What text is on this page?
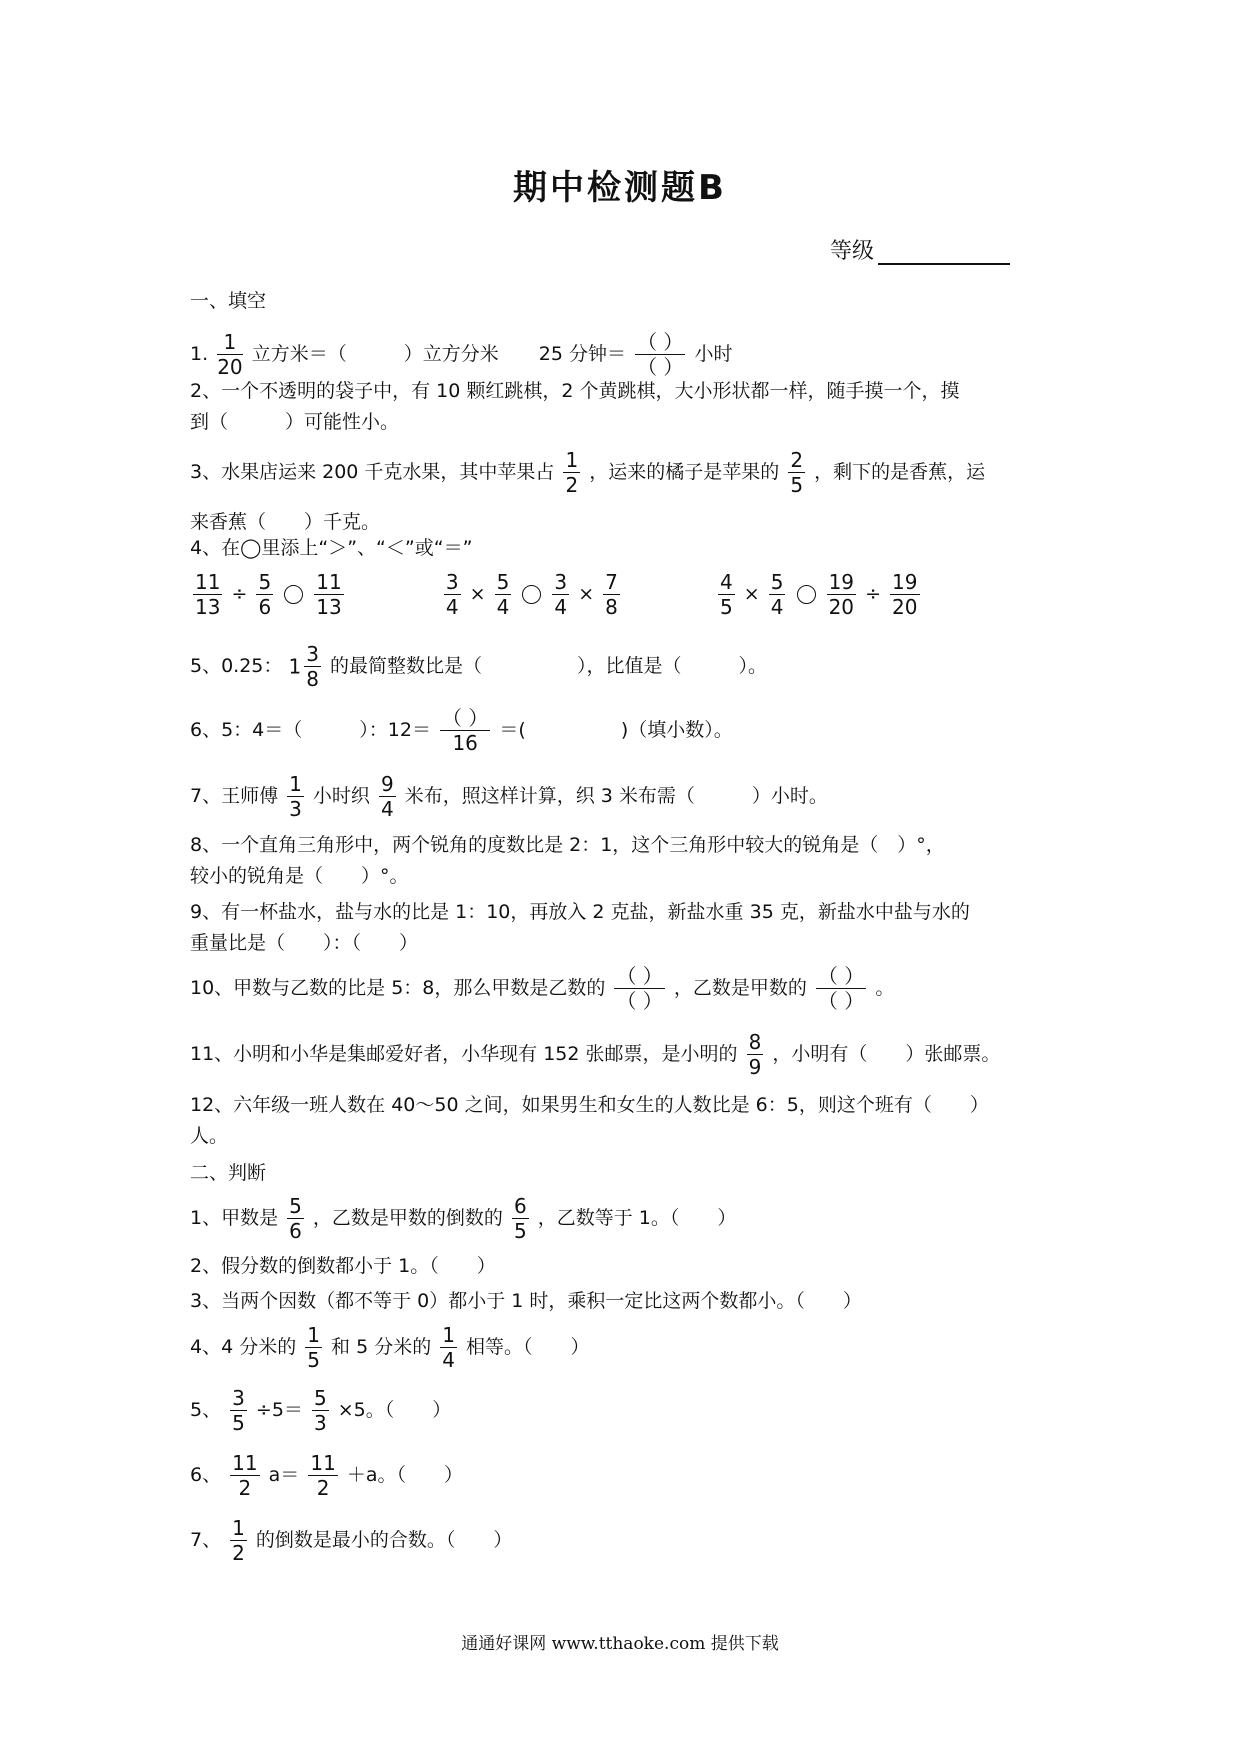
期中检测题B
等级
一、填空
1. $\frac{1}{20}$ 立方米＝（　　　）立方分米 25 分钟＝ $\frac{( )}{( )}$ 小时
2、一个不透明的袋子中，有 10 颗红跳棋，2 个黄跳棋，大小形状都一样，随手摸一个，摸
到（　　　）可能性小。
3、水果店运来 200 千克水果，其中苹果占 $\frac{1}{2}$ ，运来的橘子是苹果的 $\frac{2}{5}$ ，剩下的是香蕉，运
来香蕉（　　）千克。
4、在◯里添上“＞”、“＜”或“＝”
$\frac{11}{13} \div \frac{5}{6}$
$\frac{11}{13}$
	$\frac{3}{4} \times \frac{5}{4}$
$\frac{3}{4} \times \frac{7}{8}$
	$\frac{4}{5} \times \frac{5}{4}$
$\frac{19}{20} \div \frac{19}{20}$
5、0.25： $1 \frac{3}{8}$ 的最简整数比是（　　　　　），比值是（　　　）。
6、5：4＝（　　　）：$12= \frac{( )}{16}$ ＝(　　　　　)（填小数）。
7、王师傅 $\frac{1}{3}$ 小时织 $\frac{9}{4}$ 米布，照这样计算，织 3 米布需（　　　）小时。
8、一个直角三角形中，两个锐角的度数比是 2：1，这个三角形中较大的锐角是（　）°，
较小的锐角是（　　）°。
9、有一杯盐水，盐与水的比是 1：10，再放入 2 克盐，新盐水重 35 克，新盐水中盐与水的
重量比是（　　）：（　　）
10、甲数与乙数的比是 5：8，那么甲数是乙数的 $\frac{( )}{( )}$ ，乙数是甲数的 $\frac{( )}{( )}$ 。
11、小明和小华是集邮爱好者，小华现有 152 张邮票，是小明的 $\frac{8}{9}$ ，小明有（　　）张邮票。
12、六年级一班人数在 40～50 之间，如果男生和女生的人数比是 6：5，则这个班有（　　）
人。
二、判断
1、甲数是 $\frac{5}{6}$ ，乙数是甲数的倒数的 $\frac{6}{5}$ ，乙数等于 1。（　　）
2、假分数的倒数都小于 1。（　　）
3、当两个因数（都不等于 0）都小于 1 时，乘积一定比这两个数都小。（　　）
4、4 分米的 $\frac{1}{5}$ 和 5 分米的 $\frac{1}{4}$ 相等。（　　）
5、 $\frac{3}{5} \div 5= \frac{5}{3} \times 5$。（　　）
6、 $\frac{11}{2} a= \frac{11}{2} +a$。（　　）
7、 $\frac{1}{2}$ 的倒数是最小的合数。（　　）
通通好课网 www.tthaoke.com 提供下载
